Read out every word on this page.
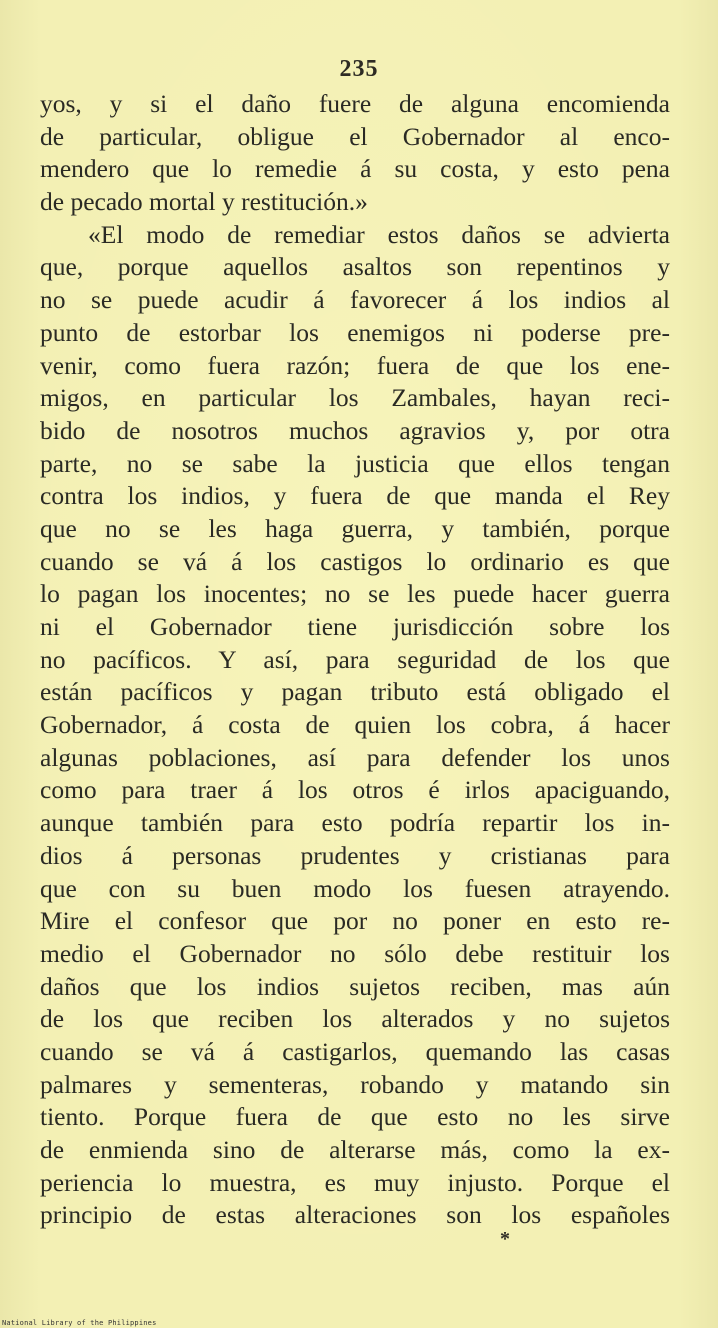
235
yos, y si el daño fuere de alguna encomienda
de particular, obligue el Gobernador al enco-
mendero que lo remedie á su costa, y esto pena
de pecado mortal y restitución.»
«El modo de remediar estos daños se advierta
que, porque aquellos asaltos son repentinos y
no se puede acudir á favorecer á los indios al
punto de estorbar los enemigos ni poderse pre-
venir, como fuera razón; fuera de que los ene-
migos, en particular los Zambales, hayan reci-
bido de nosotros muchos agravios y, por otra
parte, no se sabe la justicia que ellos tengan
contra los indios, y fuera de que manda el Rey
que no se les haga guerra, y también, porque
cuando se vá á los castigos lo ordinario es que
lo pagan los inocentes; no se les puede hacer guerra
ni el Gobernador tiene jurisdicción sobre los
no pacíficos. Y así, para seguridad de los que
están pacíficos y pagan tributo está obligado el
Gobernador, á costa de quien los cobra, á hacer
algunas poblaciones, así para defender los unos
como para traer á los otros é irlos apaciguando,
aunque también para esto podría repartir los in-
dios á personas prudentes y cristianas para
que con su buen modo los fuesen atrayendo.
Mire el confesor que por no poner en esto re-
medio el Gobernador no sólo debe restituir los
daños que los indios sujetos reciben, mas aún
de los que reciben los alterados y no sujetos
cuando se vá á castigarlos, quemando las casas
palmares y sementeras, robando y matando sin
tiento. Porque fuera de que esto no les sirve
de enmienda sino de alterarse más, como la ex-
periencia lo muestra, es muy injusto. Porque el
principio de estas alteraciones son los españoles
*
National Library of the Philippines
